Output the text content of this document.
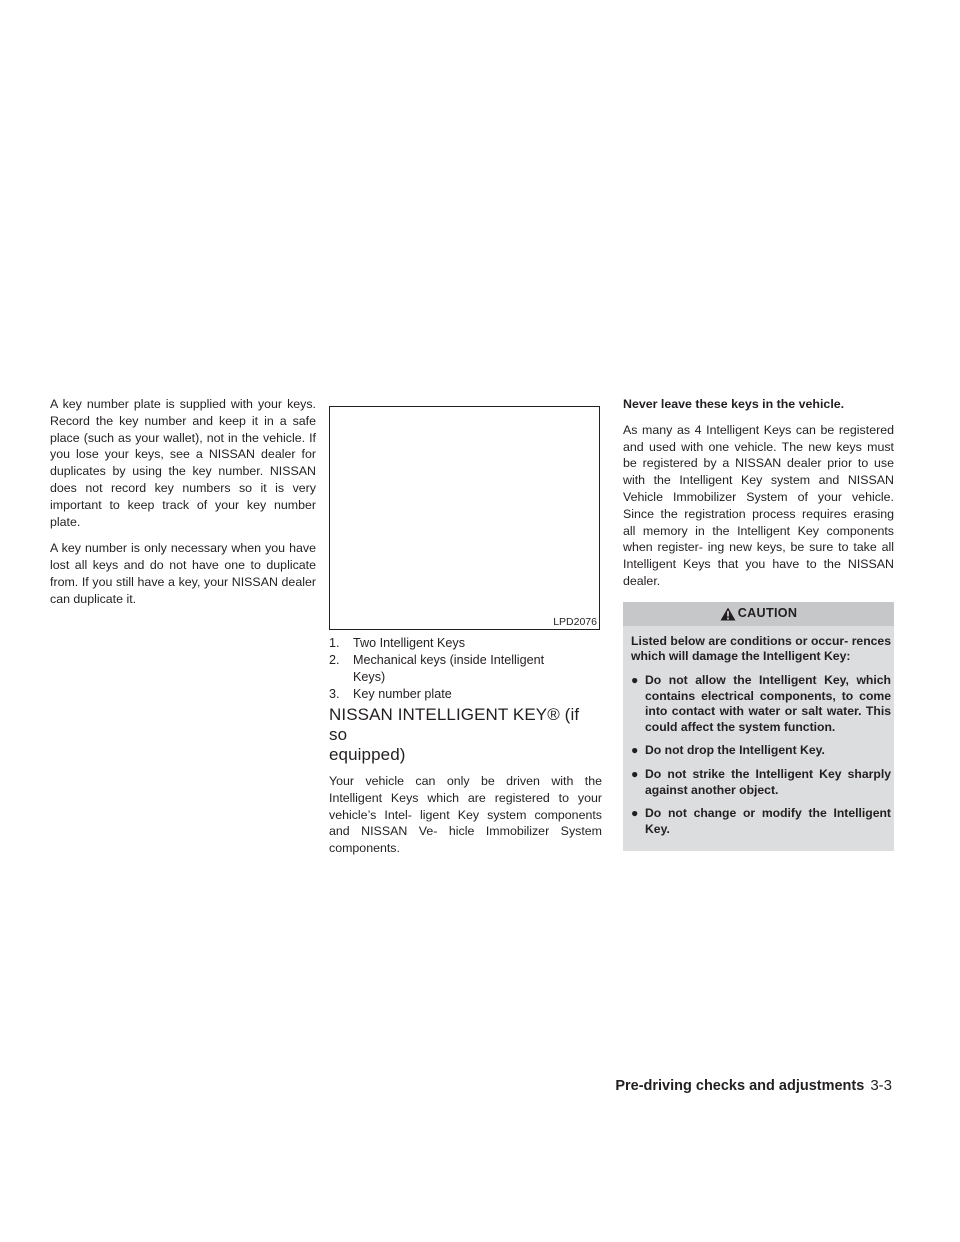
A key number plate is supplied with your keys. Record the key number and keep it in a safe place (such as your wallet), not in the vehicle. If you lose your keys, see a NISSAN dealer for duplicates by using the key number. NISSAN does not record key numbers so it is very important to keep track of your key number plate.

A key number is only necessary when you have lost all keys and do not have one to duplicate from. If you still have a key, your NISSAN dealer can duplicate it.

LPD2076
1.	Two Intelligent Keys
2.	Mechanical keys (inside Intelligent
Keys)
3.	Key number plate
NISSAN INTELLIGENT KEY® (if so
equipped)

Your vehicle can only be driven with the Intelligent Keys which are registered to your vehicle’s Intel- ligent Key system components and NISSAN Ve- hicle Immobilizer System components.

Never leave these keys in the vehicle.

As many as 4 Intelligent Keys can be registered and used with one vehicle. The new keys must be registered by a NISSAN dealer prior to use with the Intelligent Key system and NISSAN Vehicle Immobilizer System of your vehicle. Since the registration process requires erasing all memory in the Intelligent Key components when register- ing new keys, be sure to take all Intelligent Keys that you have to the NISSAN dealer.

CAUTION

Listed below are conditions or occur- rences which will damage the Intelligent Key:

● Do not allow the Intelligent Key, which contains electrical components, to come into contact with water or salt water. This could affect the system function.
● Do not drop the Intelligent Key.
● Do not strike the Intelligent Key sharply against another object.
● Do not change or modify the Intelligent Key.
Pre-driving checks and adjustments 3-3
